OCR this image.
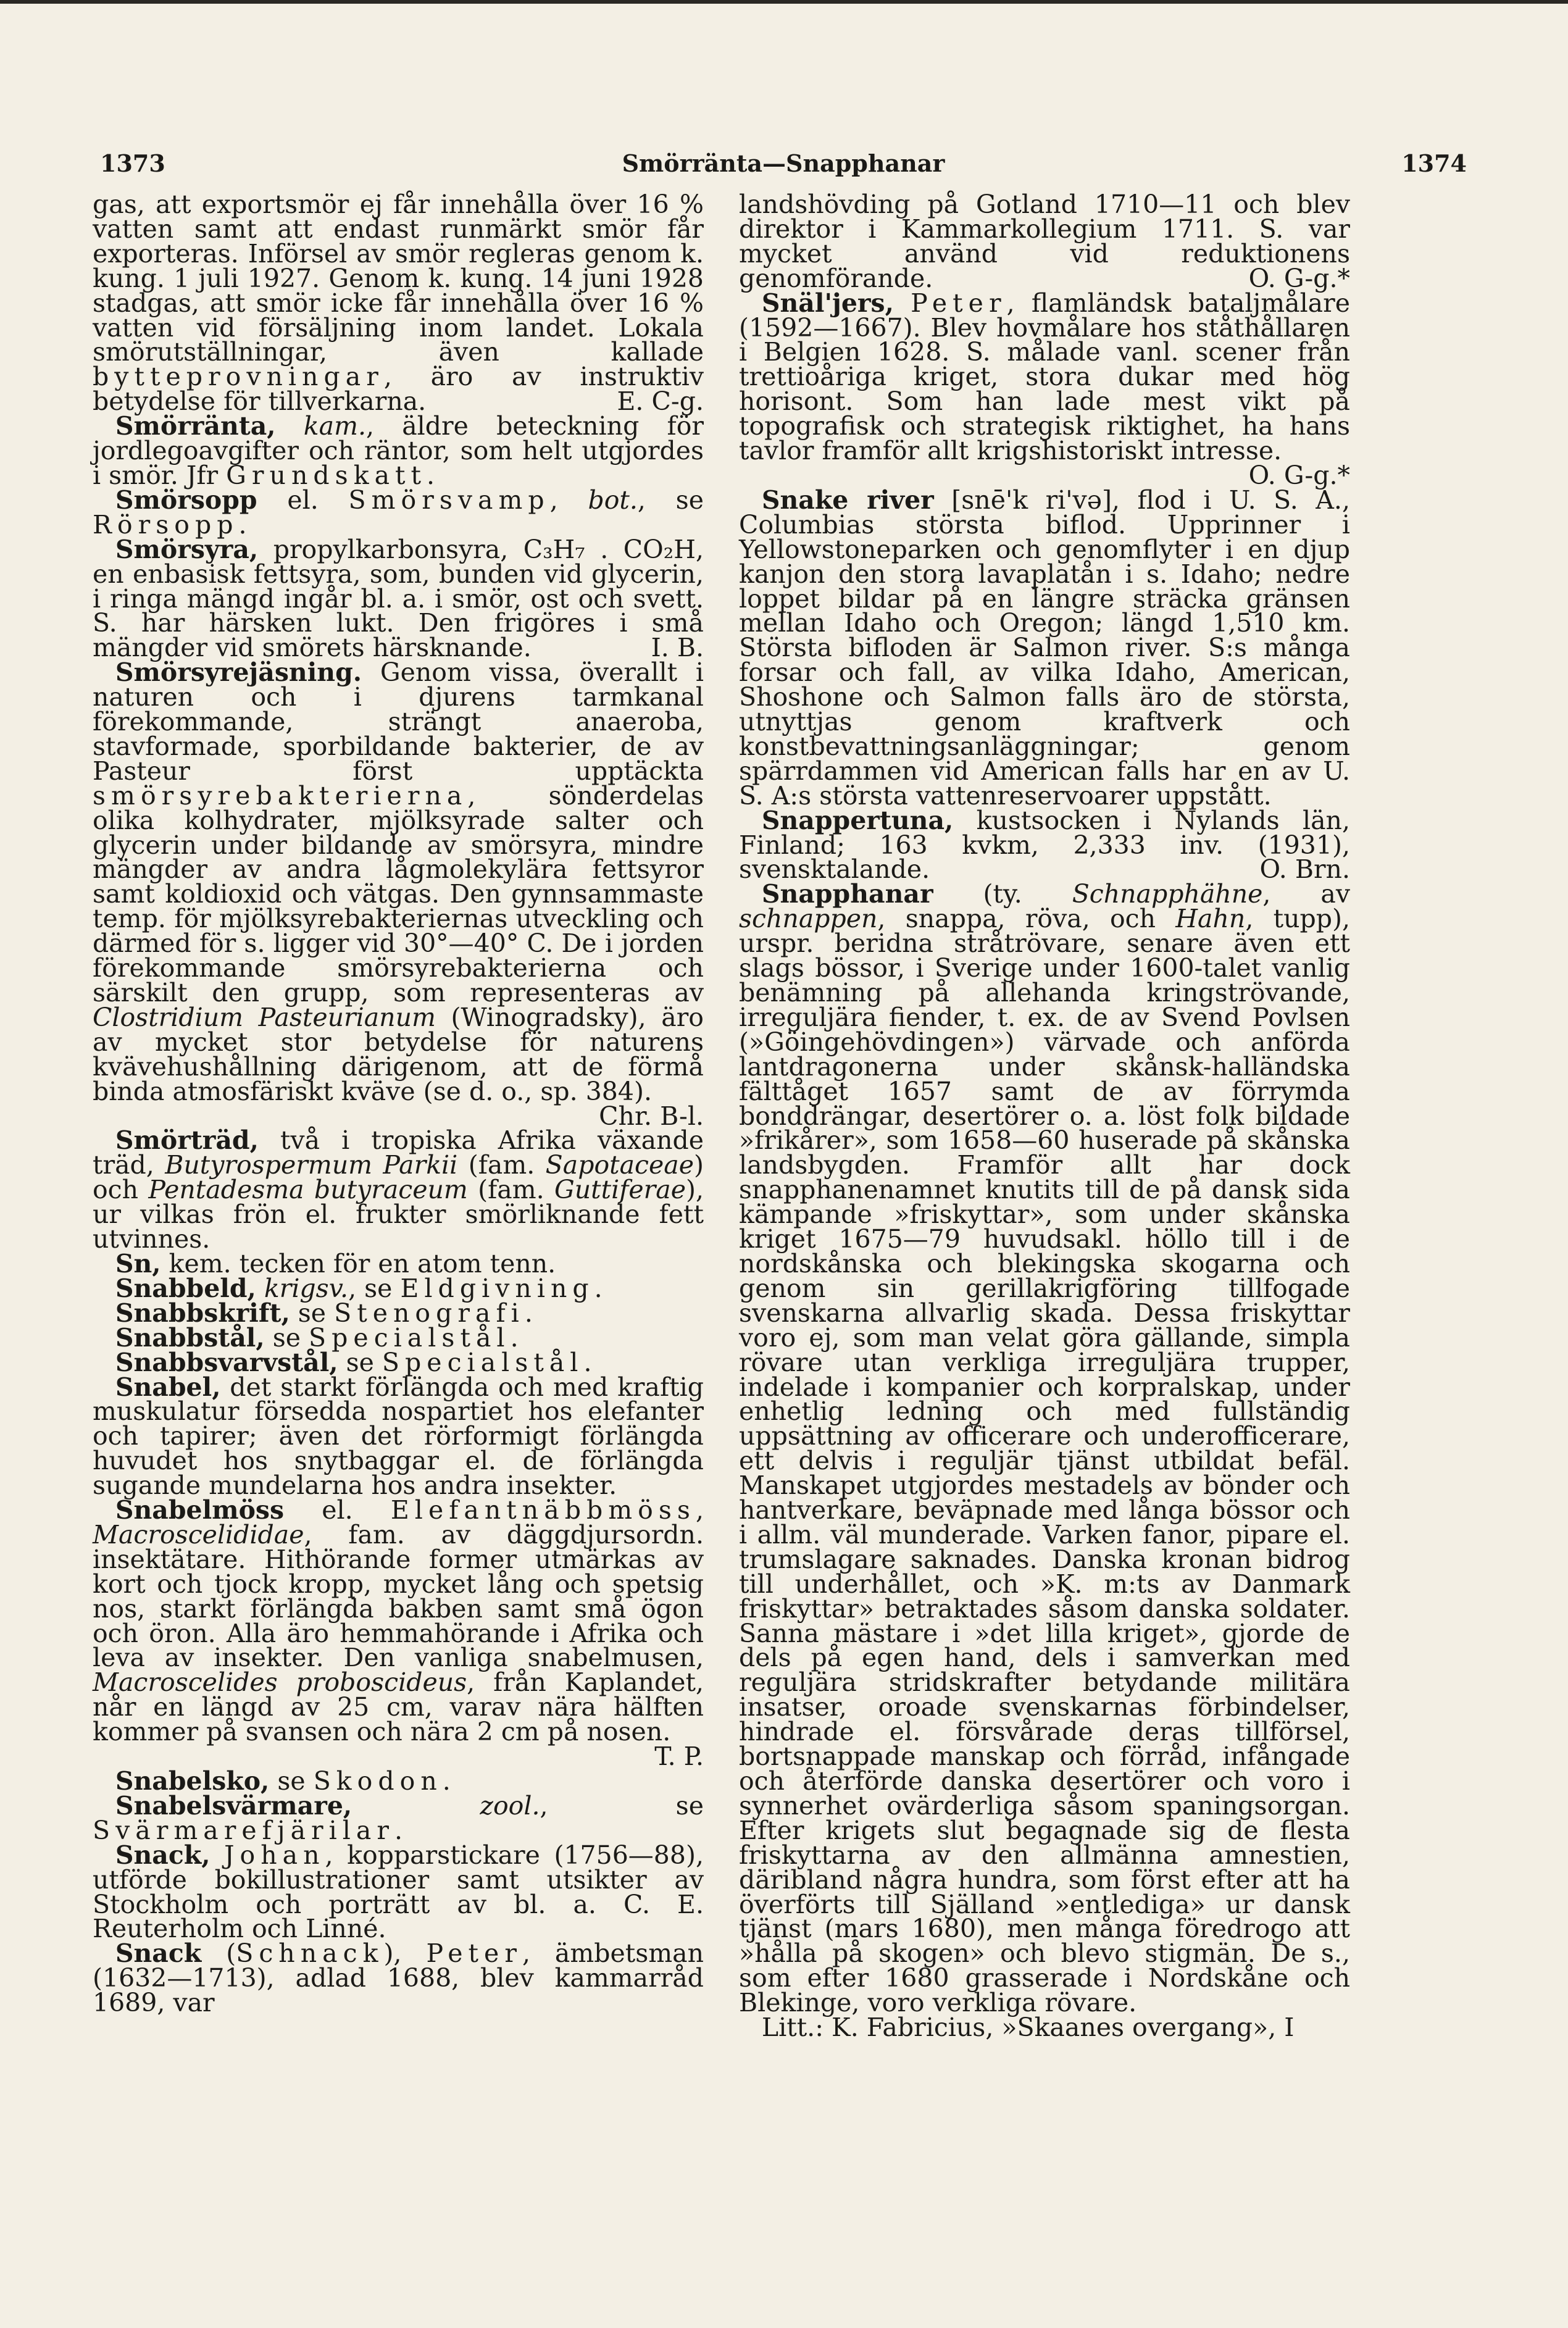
1373	Smörränta—Snapphanar	1374

gas, att exportsmör ej får innehålla över 16 % vatten samt att endast runmärkt smör får exporteras. Införsel av smör regleras genom k. kung. 1 juli 1927. Genom k. kung. 14 juni 1928 stadgas, att smör icke får innehålla över 16 % vatten vid försäljning inom landet. Lokala smörutställningar, även kallade bytteprovningar, äro av instruktiv betydelse för tillverkarna.	E. C-g.

Smörränta, kam., äldre beteckning för jordlegoavgifter och räntor, som helt utgjordes i smör. Jfr Grundskatt.

Smörsopp el. Smörsvamp, bot., se Rörsopp.

Smörsyra, propylkarbonsyra, C₃H₇ . CO₂H, en enbasisk fettsyra, som, bunden vid glycerin, i ringa mängd ingår bl. a. i smör, ost och svett. S. har härsken lukt. Den frigöres i små mängder vid smörets härsknande.	I. B.

Smörsyrejäsning. Genom vissa, överallt i naturen och i djurens tarmkanal förekommande, strängt anaeroba, stavformade, sporbildande bakterier, de av Pasteur först upptäckta smörsyrebakterierna, sönderdelas olika kolhydrater, mjölksyrade salter och glycerin under bildande av smörsyra, mindre mängder av andra lågmolekylära fettsyror samt koldioxid och vätgas. Den gynnsammaste temp. för mjölksyrebakteriernas utveckling och därmed för s. ligger vid 30°—40° C. De i jorden förekommande smörsyrebakterierna och särskilt den grupp, som representeras av Clostridium Pasteurianum (Winogradsky), äro av mycket stor betydelse för naturens kvävehushållning därigenom, att de förmå binda atmosfäriskt kväve (se d. o., sp. 384).
Chr. B-l.

Smörträd, två i tropiska Afrika växande träd, Butyrospermum Parkii (fam. Sapotaceae) och Pentadesma butyraceum (fam. Guttiferae), ur vilkas frön el. frukter smörliknande fett utvinnes.

Sn, kem. tecken för en atom tenn.

Snabbeld, krigsv., se Eldgivning.

Snabbskrift, se Stenografi.

Snabbstål, se Specialstål.

Snabbsvarvstål, se Specialstål.

Snabel, det starkt förlängda och med kraftig muskulatur försedda nospartiet hos elefanter och tapirer; även det rörformigt förlängda huvudet hos snytbaggar el. de förlängda sugande mundelarna hos andra insekter.

Snabelmöss el. Elefantnäbbmöss, Macroscelididae, fam. av däggdjursordn. insektätare. Hithörande former utmärkas av kort och tjock kropp, mycket lång och spetsig nos, starkt förlängda bakben samt små ögon och öron. Alla äro hemmahörande i Afrika och leva av insekter. Den vanliga snabelmusen, Macroscelides proboscideus, från Kaplandet, når en längd av 25 cm, varav nära hälften kommer på svansen och nära 2 cm på nosen.
T. P.

Snabelsko, se Skodon.

Snabelsvärmare,	zool., se Svärmarefjärilar.

Snack, Johan, kopparstickare (1756—88), utförde bokillustrationer samt utsikter av Stockholm och porträtt av bl. a. C. E. Reuterholm och Linné.

Snack (Schnack), Peter, ämbetsman (1632—1713), adlad 1688, blev kammarråd 1689, var

landshövding på Gotland 1710—11 och blev direktor i Kammarkollegium 1711. S. var mycket använd vid reduktionens genomförande.	O. G-g.*

Snäl'jers, Peter, flamländsk bataljmålare (1592—1667). Blev hovmålare hos ståthållaren i Belgien 1628. S. målade vanl. scener från trettioåriga kriget, stora dukar med hög horisont. Som han lade mest vikt på topografisk och strategisk riktighet, ha hans tavlor framför allt krigshistoriskt intresse.
O. G-g.*

Snake river [snē'k ri'və], flod i U. S. A., Columbias största biflod. Upprinner i Yellowstoneparken och genomflyter i en djup kanjon den stora lavaplatån i s. Idaho; nedre loppet bildar på en längre sträcka gränsen mellan Idaho och Oregon; längd 1,510 km. Största bifloden är Salmon river. S:s många forsar och fall, av vilka Idaho, American, Shoshone och Salmon falls äro de största, utnyttjas genom kraftverk och konstbevattningsanläggningar; genom spärrdammen vid American falls har en av U. S. A:s största vattenreservoarer uppstått.

Snappertuna, kustsocken i Nylands län, Finland; 163 kvkm, 2,333 inv. (1931), svensktalande.	O. Brn.

Snapphanar (ty. Schnapphähne, av schnappen, snappa, röva, och Hahn, tupp), urspr. beridna stråtrövare, senare även ett slags bössor, i Sverige under 1600-talet vanlig benämning på allehanda kringströvande, irreguljära fiender, t. ex. de av Svend Povlsen (»Göingehövdingen») värvade och anförda lantdragonerna under skånsk-halländska fälttåget 1657 samt de av förrymda bonddrängar, desertörer o. a. löst folk bildade »frikårer», som 1658—60 huserade på skånska landsbygden. Framför allt har dock snapphanenamnet knutits till de på dansk sida kämpande »friskyttar», som under skånska kriget 1675—79 huvudsakl. höllo till i de nordskånska och blekingska skogarna och genom sin gerillakrigföring tillfogade svenskarna allvarlig skada. Dessa friskyttar voro ej, som man velat göra gällande, simpla rövare utan verkliga irreguljära trupper, indelade i kompanier och korpralskap, under enhetlig ledning och med fullständig uppsättning av officerare och underofficerare, ett delvis i reguljär tjänst utbildat befäl. Manskapet utgjordes mestadels av bönder och hantverkare, beväpnade med långa bössor och i allm. väl munderade. Varken fanor, pipare el. trumslagare saknades. Danska kronan bidrog till underhållet, och »K. m:ts av Danmark friskyttar» betraktades såsom danska soldater. Sanna mästare i »det lilla kriget», gjorde de dels på egen hand, dels i samverkan med reguljära stridskrafter betydande militära insatser, oroade svenskarnas förbindelser, hindrade el. försvårade deras tillförsel, bortsnappade manskap och förråd, infångade och återförde danska desertörer och voro i synnerhet ovärderliga såsom spaningsorgan. Efter krigets slut begagnade sig de flesta friskyttarna av den allmänna amnestien, däribland några hundra, som först efter att ha överförts till Själland »entlediga» ur dansk tjänst (mars 1680), men många föredrogo att »hålla på skogen» och blevo stigmän. De s., som efter 1680 grasserade i Nordskåne och Blekinge, voro verkliga rövare.

Litt.: K. Fabricius, »Skaanes overgang», I
